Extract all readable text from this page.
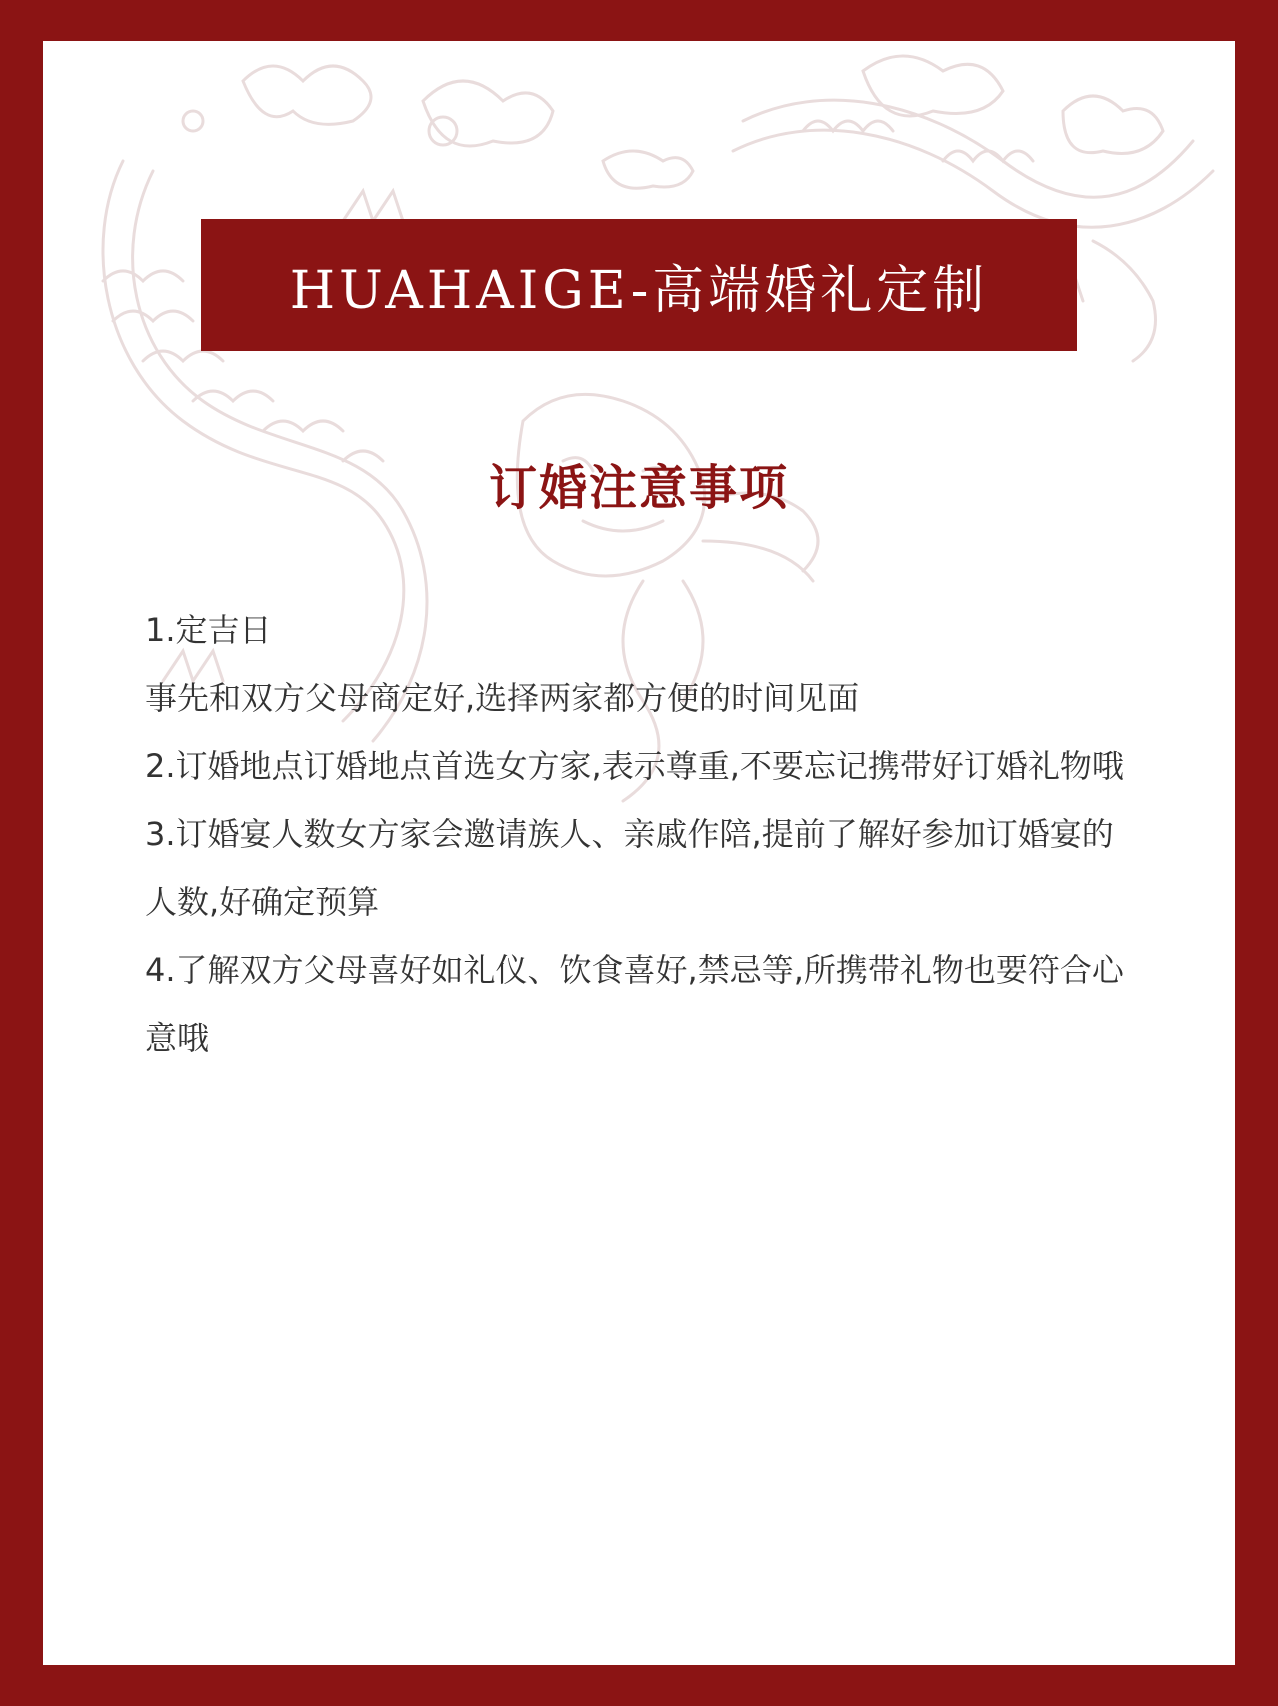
HUAHAIGE-高端婚礼定制
订婚注意事项

1.定吉日

事先和双方父母商定好,选择两家都方便的时间见面

2.订婚地点订婚地点首选女方家,表示尊重,不要忘记携带好订婚礼物哦

3.订婚宴人数女方家会邀请族人、亲戚作陪,提前了解好参加订婚宴的人数,好确定预算

4.了解双方父母喜好如礼仪、饮食喜好,禁忌等,所携带礼物也要符合心意哦
